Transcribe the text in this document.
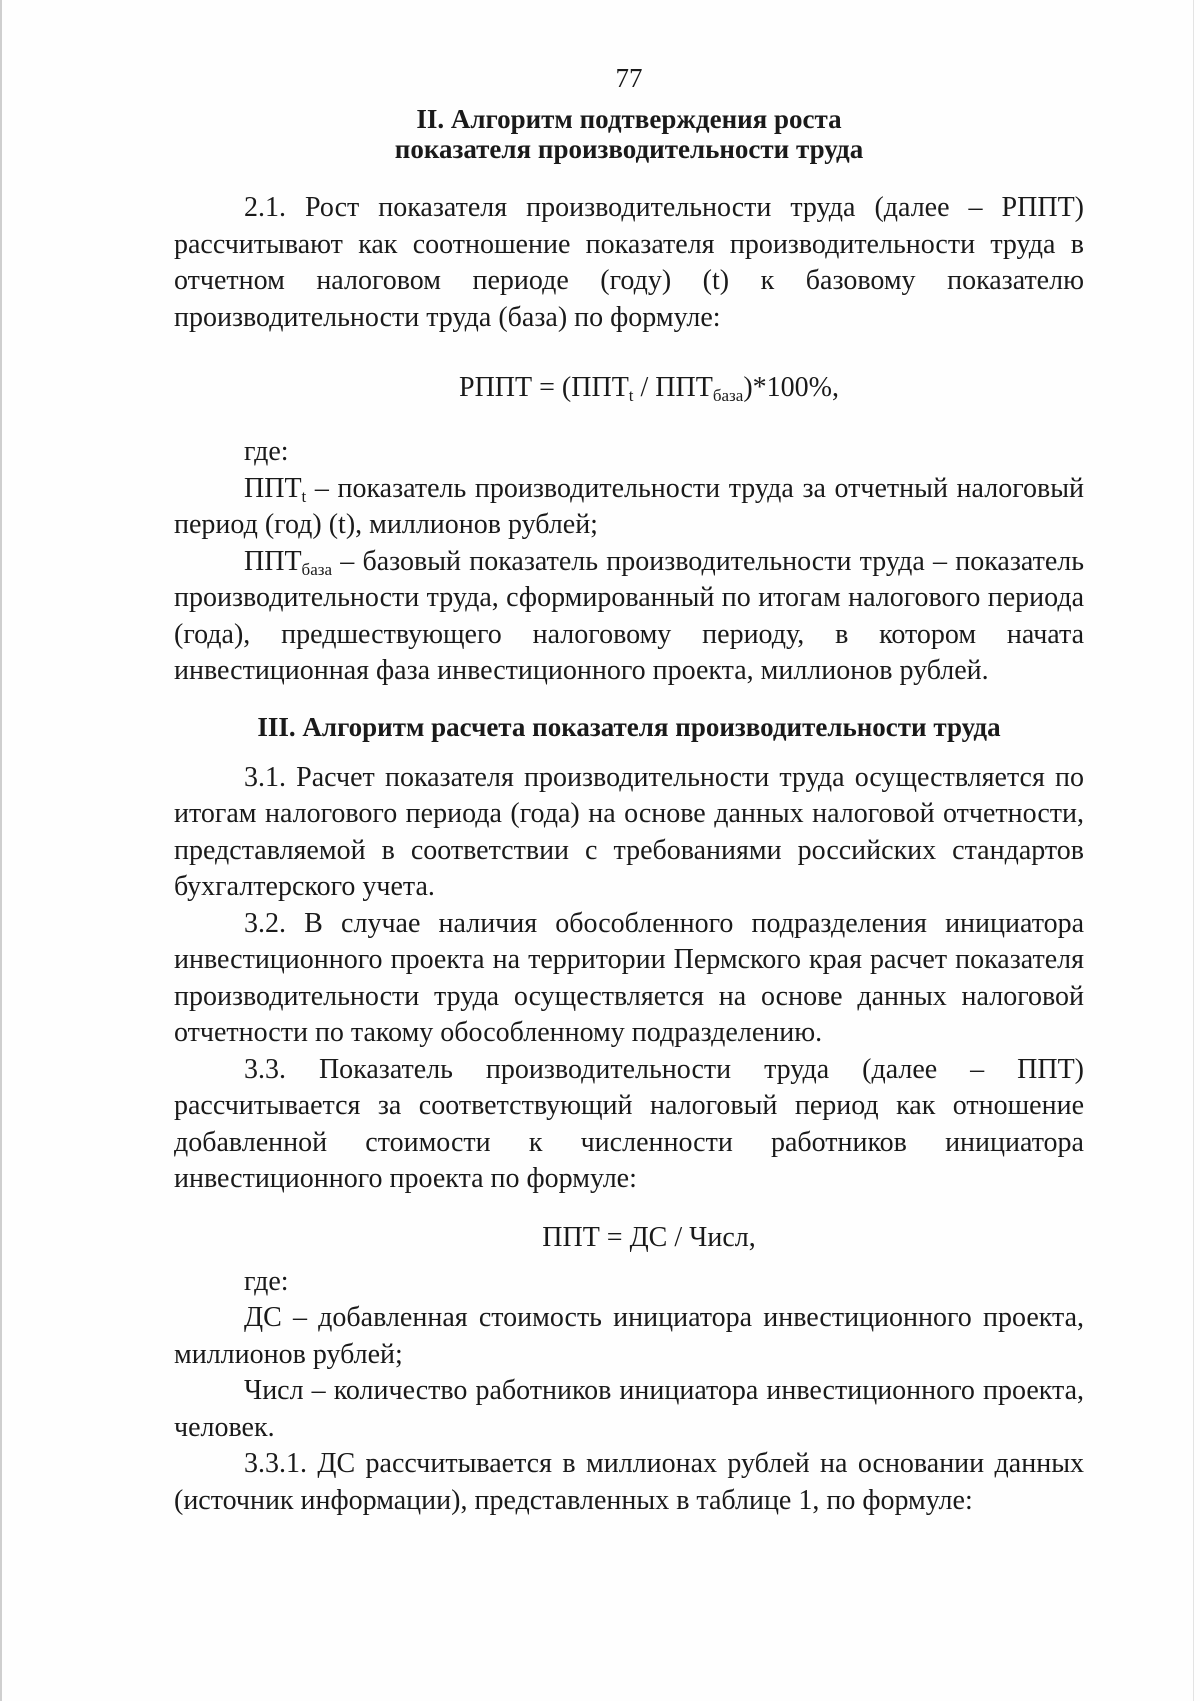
77

II. Алгоритм подтверждения роста

показателя производительности труда

2.1. Рост показателя производительности труда (далее – РППТ) рассчитывают как соотношение показателя производительности труда в отчетном налоговом периоде (году) (t) к базовому показателю производительности труда (база) по формуле:

РППТ = $(ППТ_t / ППТ_{база})*100\%$,

где:

$ППТ_t$ – показатель производительности труда за отчетный налоговый период (год) (t), миллионов рублей;

$ППТ_{база}$ – базовый показатель производительности труда – показатель производительности труда, сформированный по итогам налогового периода (года), предшествующего налоговому периоду, в котором начата инвестиционная фаза инвестиционного проекта, миллионов рублей.

III. Алгоритм расчета показателя производительности труда

3.1. Расчет показателя производительности труда осуществляется по итогам налогового периода (года) на основе данных налоговой отчетности, представляемой в соответствии с требованиями российских стандартов бухгалтерского учета.

3.2. В случае наличия обособленного подразделения инициатора инвестиционного проекта на территории Пермского края расчет показателя производительности труда осуществляется на основе данных налоговой отчетности по такому обособленному подразделению.

3.3. Показатель производительности труда (далее – ППТ) рассчитывается за соответствующий налоговый период как отношение добавленной стоимости к численности работников инициатора инвестиционного проекта по формуле:

ППТ = ДС / Числ,

где:

ДС – добавленная стоимость инициатора инвестиционного проекта, миллионов рублей;

Числ – количество работников инициатора инвестиционного проекта, человек.

3.3.1. ДС рассчитывается в миллионах рублей на основании данных (источник информации), представленных в таблице 1, по формуле:
